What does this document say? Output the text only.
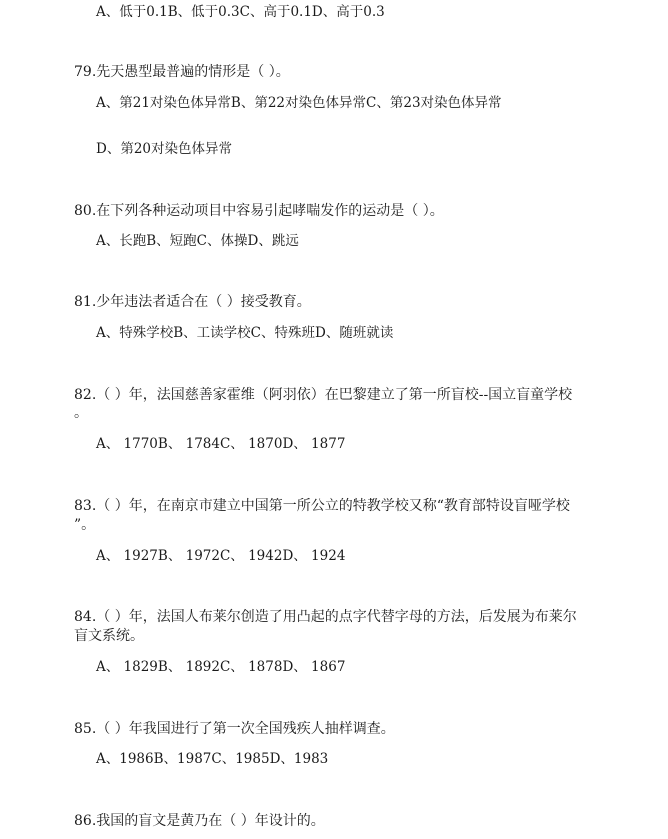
A、低于0.1B、低于0.3C、高于0.1D、高于0.3
79.先天愚型最普遍的情形是（ ）。
A、第21对染色体异常B、第22对染色体异常C、第23对染色体异常
D、第20对染色体异常
80.在下列各种运动项目中容易引起哮喘发作的运动是（ ）。
A、长跑B、短跑C、体操D、跳远
81.少年违法者适合在（ ）接受教育。
A、特殊学校B、工读学校C、特殊班D、随班就读
82.（ ）年，法国慈善家霍维（阿羽依）在巴黎建立了第一所盲校--国立盲童学校
。
A、 1770B、 1784C、 1870D、 1877
83.（ ）年，在南京市建立中国第一所公立的特教学校又称“教育部特设盲哑学校
”。
A、 1927B、 1972C、 1942D、 1924
84.（ ）年，法国人布莱尔创造了用凸起的点字代替字母的方法，后发展为布莱尔
盲文系统。
A、 1829B、 1892C、 1878D、 1867
85.（ ）年我国进行了第一次全国残疾人抽样调查。
A、1986B、1987C、1985D、1983
86.我国的盲文是黄乃在（ ）年设计的。
